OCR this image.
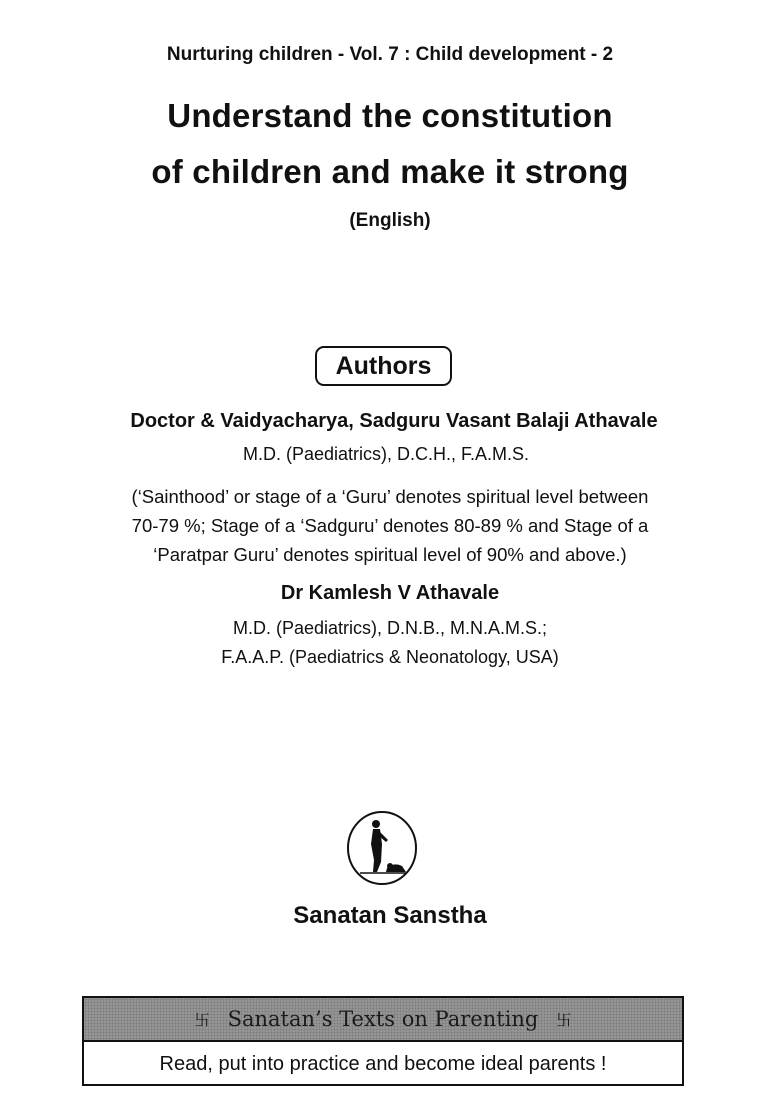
Nurturing children - Vol. 7 : Child development - 2
Understand the constitution
of children and make it strong
(English)
Authors
Doctor & Vaidyacharya, Sadguru Vasant Balaji Athavale
M.D. (Paediatrics), D.C.H., F.A.M.S.
(‘Sainthood’ or stage of a ‘Guru’ denotes spiritual level between
70-79 %; Stage of a ‘Sadguru’ denotes 80-89 % and Stage of a
‘Paratpar Guru’ denotes spiritual level of 90% and above.)
Dr Kamlesh V Athavale
M.D. (Paediatrics), D.N.B., M.N.A.M.S.;
F.A.A.P. (Paediatrics & Neonatology, USA)
Sanatan Sanstha
卐 Sanatan’s Texts on Parenting 卐
Read, put into practice and become ideal parents !
